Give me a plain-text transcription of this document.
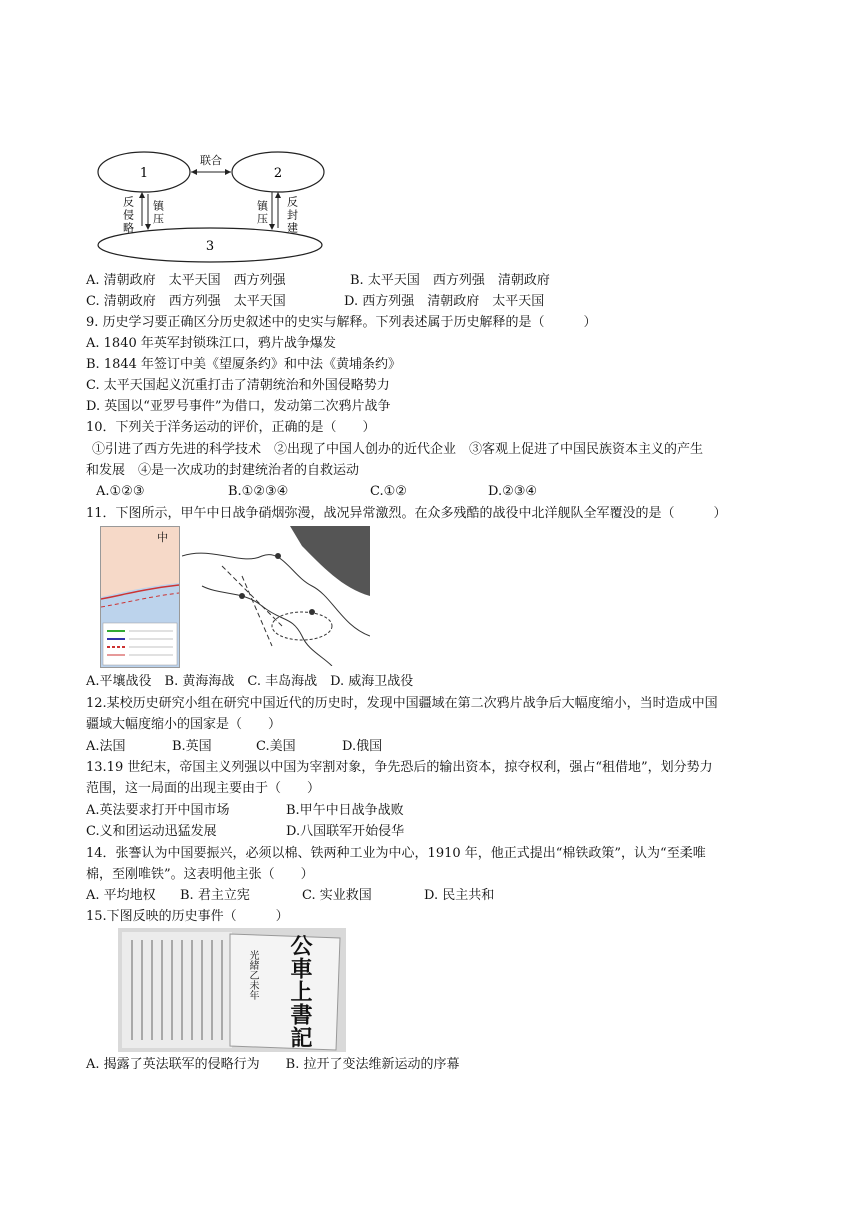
1	2
3
联合
反侵略 镇压	镇压 反封建
A. 清朝政府　太平天国　西方列强	B. 太平天国　西方列强　清朝政府
C. 清朝政府　西方列强　太平天国	D. 西方列强　清朝政府　太平天国
9. 历史学习要正确区分历史叙述中的史实与解释。下列表述属于历史解释的是（　　　）
A. 1840 年英军封锁珠江口，鸦片战争爆发
B. 1844 年签订中美《望厦条约》和中法《黄埔条约》
C. 太平天国起义沉重打击了清朝统治和外国侵略势力
D. 英国以“亚罗号事件”为借口，发动第二次鸦片战争
10．下列关于洋务运动的评价，正确的是（　　）
①引进了西方先进的科学技术　②出现了中国人创办的近代企业　③客观上促进了中国民族资本主义的产生
和发展　④是一次成功的封建统治者的自救运动
A.①②③	B.①②③④	C.①②	D.②③④
11．下图所示，甲午中日战争硝烟弥漫，战况异常激烈。在众多残酷的战役中北洋舰队全军覆没的是（　　　）
中
A.平壤战役　B. 黄海海战　C. 丰岛海战　D. 威海卫战役
12.某校历史研究小组在研究中国近代的历史时，发现中国疆域在第二次鸦片战争后大幅度缩小，当时造成中国
疆域大幅度缩小的国家是（　　）
A.法国	B.英国	C.美国	D.俄国
13.19 世纪末，帝国主义列强以中国为宰割对象，争先恐后的输出资本，掠夺权利，强占“租借地”，划分势力
范围，这一局面的出现主要由于（　　）
A.英法要求打开中国市场	B.甲午中日战争战败
C.义和团运动迅猛发展	D.八国联军开始侵华
14．张謇认为中国要振兴，必须以棉、铁两种工业为中心，1910 年，他正式提出“棉铁政策”，认为“至柔唯
棉，至刚唯铁”。这表明他主张（　　）
A. 平均地权 B. 君主立宪	C. 实业救国	D. 民主共和
15.下图反映的历史事件（　　　）
光緒乙未年 公車上書記
A. 揭露了英法联军的侵略行为　　B. 拉开了变法维新运动的序幕
